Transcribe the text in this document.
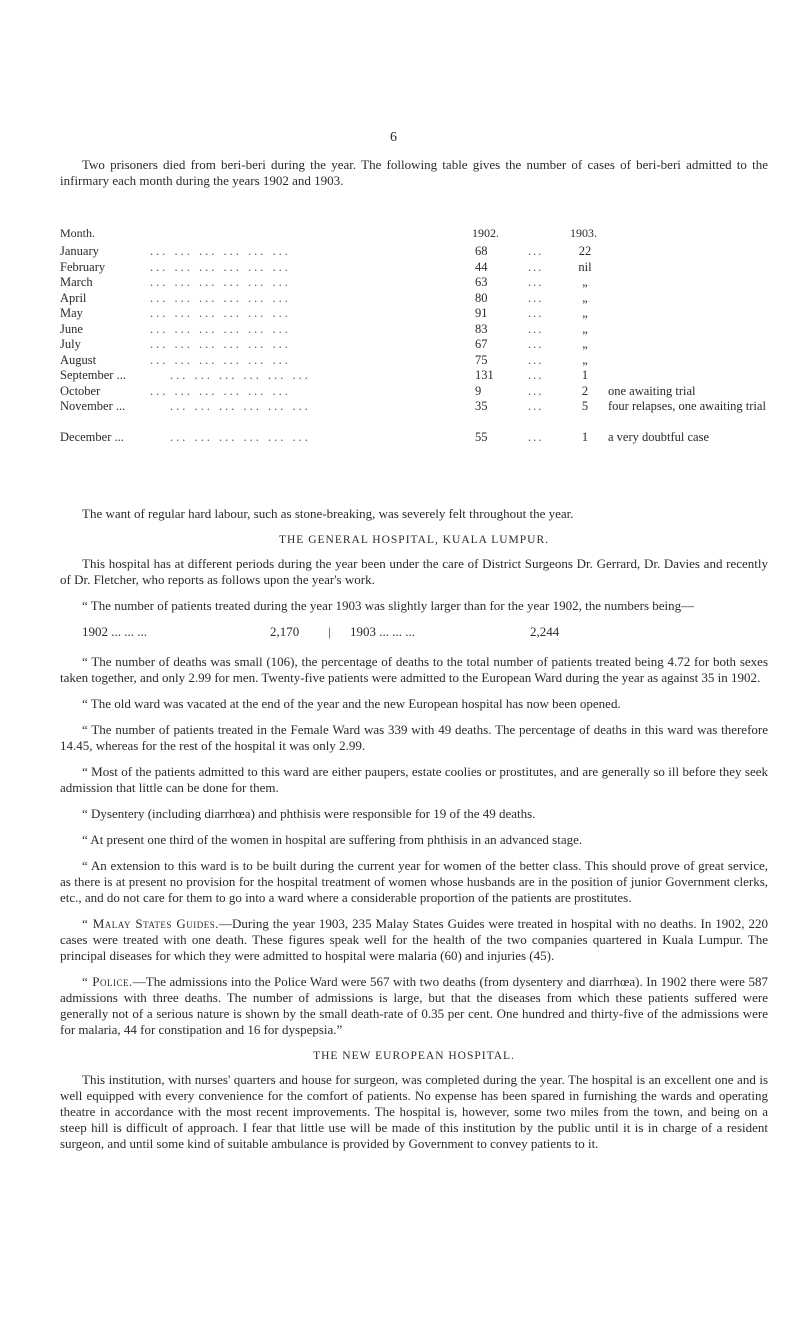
6

Two prisoners died from beri-beri during the year. The following table gives the number of cases of beri-beri admitted to the infirmary each month during the years 1902 and 1903.

Month.	1902.	1903.
January	... ... ... ... ... ...	68	...	22
February	... ... ... ... ... ...	44	...	nil
March	... ... ... ... ... ...	63	...	„
April	... ... ... ... ... ...	80	...	„
May	... ... ... ... ... ...	91	...	„
June	... ... ... ... ... ...	83	...	„
July	... ... ... ... ... ...	67	...	„
August	... ... ... ... ... ...	75	...	„
September ...	... ... ... ... ... ...	131	...	1
October	... ... ... ... ... ...	9	...	2	one awaiting trial
November ...	... ... ... ... ... ...	35	...	5	four relapses, one awaiting trial
December ...	... ... ... ... ... ...	55	...	1	a very doubtful case

The want of regular hard labour, such as stone-breaking, was severely felt throughout the year.

THE GENERAL HOSPITAL, KUALA LUMPUR.

This hospital has at different periods during the year been under the care of District Surgeons Dr. Gerrard, Dr. Davies and recently of Dr. Fletcher, who reports as follows upon the year's work.

“ The number of patients treated during the year 1903 was slightly larger than for the year 1902, the numbers being—

1902 ... ... ...	2,170 | 1903 ... ... ...	2,244

“ The number of deaths was small (106), the percentage of deaths to the total number of patients treated being 4.72 for both sexes taken together, and only 2.99 for men. Twenty-five patients were admitted to the European Ward during the year as against 35 in 1902.

“ The old ward was vacated at the end of the year and the new European hospital has now been opened.

“ The number of patients treated in the Female Ward was 339 with 49 deaths. The percentage of deaths in this ward was therefore 14.45, whereas for the rest of the hospital it was only 2.99.

“ Most of the patients admitted to this ward are either paupers, estate coolies or prostitutes, and are generally so ill before they seek admission that little can be done for them.

“ Dysentery (including diarrhœa) and phthisis were responsible for 19 of the 49 deaths.

“ At present one third of the women in hospital are suffering from phthisis in an advanced stage.

“ An extension to this ward is to be built during the current year for women of the better class. This should prove of great service, as there is at present no provision for the hospital treatment of women whose husbands are in the position of junior Government clerks, etc., and do not care for them to go into a ward where a considerable proportion of the patients are prostitutes.

“ Malay States Guides.—During the year 1903, 235 Malay States Guides were treated in hospital with no deaths. In 1902, 220 cases were treated with one death. These figures speak well for the health of the two companies quartered in Kuala Lumpur. The principal diseases for which they were admitted to hospital were malaria (60) and injuries (45).

“ Police.—The admissions into the Police Ward were 567 with two deaths (from dysentery and diarrhœa). In 1902 there were 587 admissions with three deaths. The number of admissions is large, but that the diseases from which these patients suffered were generally not of a serious nature is shown by the small death-rate of 0.35 per cent. One hundred and thirty-five of the admissions were for malaria, 44 for constipation and 16 for dyspepsia.”

THE NEW EUROPEAN HOSPITAL.

This institution, with nurses' quarters and house for surgeon, was completed during the year. The hospital is an excellent one and is well equipped with every convenience for the comfort of patients. No expense has been spared in furnishing the wards and operating theatre in accordance with the most recent improvements. The hospital is, however, some two miles from the town, and being on a steep hill is difficult of approach. I fear that little use will be made of this institution by the public until it is in charge of a resident surgeon, and until some kind of suitable ambulance is provided by Government to convey patients to it.
